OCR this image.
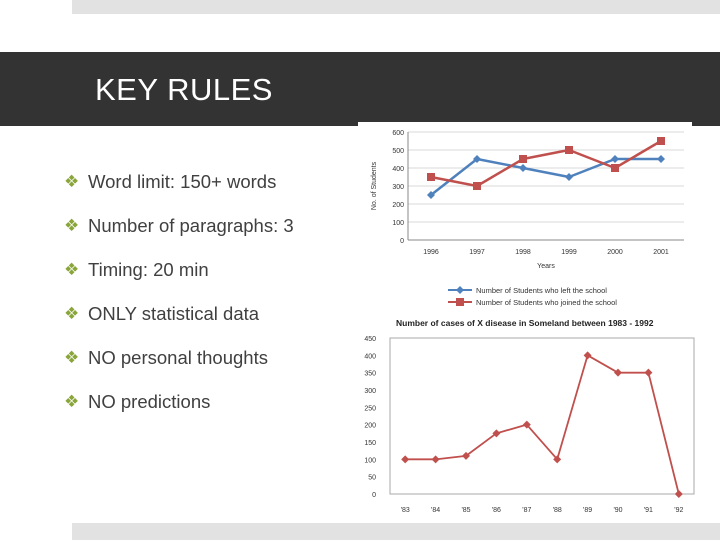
KEY RULES
❖ Word limit: 150+ words
❖ Number of paragraphs: 3
❖ Timing: 20 min
❖ ONLY statistical data
❖ NO personal thoughts
❖ NO predictions
0
100
200
300
400
500
600
1996	1997	1998	1999	2000	2001
Years
No. of Students
Number of Students who left the school
Number of Students who joined the school
Number of cases of X disease in Someland between 1983 - 1992
0
50
100
150
200
250
300
350
400
450
'83	'84	'85	'86	'87	'88	'89	'90	'91	'92
